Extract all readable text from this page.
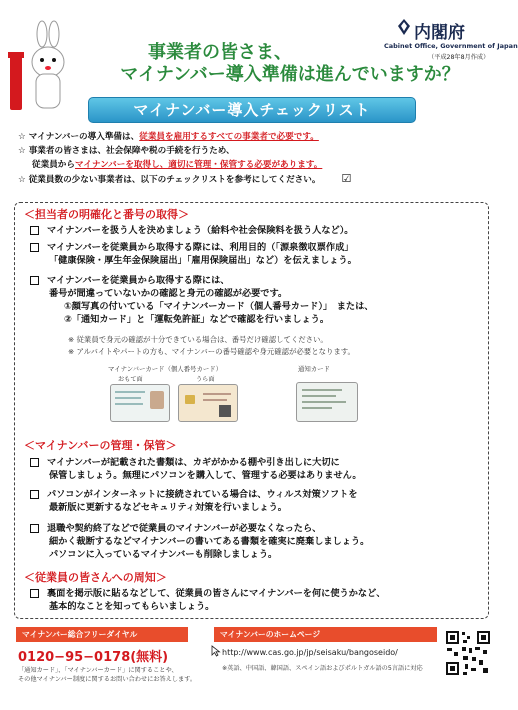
内閣府
Cabinet Office, Government of Japan
（平成28年8月作成）
事業者の皆さま、
マイナンバー導入準備は進んでいますか？
マイナンバー導入チェックリスト
☆ マイナンバーの導入準備は、従業員を雇用するすべての事業者で必要です。
☆ 事業者の皆さまは、社会保障や税の手続を行うため、
従業員からマイナンバーを取得し、適切に管理・保管する必要があります。
☆ 従業員数の少ない事業者は、以下のチェックリストを参考にしてください。 ☑
＜担当者の明確化と番号の取得＞
マイナンバーを扱う人を決めましょう（給料や社会保険料を扱う人など）。
マイナンバーを従業員から取得する際には、利用目的（「源泉徴収票作成」
「健康保険・厚生年金保険届出」「雇用保険届出」など）を伝えましょう。
マイナンバーを従業員から取得する際には、
番号が間違っていないかの確認と身元の確認が必要です。
①顔写真の付いている「マイナンバーカード（個人番号カード）」　または、
②「通知カード」と「運転免許証」などで確認を行いましょう。
※ 従業員で身元の確認が十分できている場合は、番号だけ確認してください。
※ アルバイトやパートの方も、マイナンバーの番号確認や身元確認が必要となります。
マイナンバーカード（個人番号カード）
おもて面	うら面
通知カード
＜マイナンバーの管理・保管＞
マイナンバーが記載された書類は、カギがかかる棚や引き出しに大切に
保管しましょう。無理にパソコンを購入して、管理する必要はありません。
パソコンがインターネットに接続されている場合は、ウィルス対策ソフトを
最新版に更新するなどセキュリティ対策を行いましょう。
退職や契約終了などで従業員のマイナンバーが必要なくなったら、
細かく裁断するなどマイナンバーの書いてある書類を確実に廃棄しましょう。
パソコンに入っているマイナンバーも削除しましょう。
＜従業員の皆さんへの周知＞
裏面を掲示版に貼るなどして、従業員の皆さんにマイナンバーを何に使うかなど、
基本的なことを知ってもらいましょう。
マイナンバー総合フリーダイヤル
0120−95−0178(無料)
「通知カード」、「マイナンバーカード」に関することや、
その他マイナンバー制度に関するお問い合わせにお答えします。
マイナンバーのホームページ
http://www.cas.go.jp/jp/seisaku/bangoseido/
※英語、中国語、韓国語、スペイン語およびポルトガル語の5言語に対応
